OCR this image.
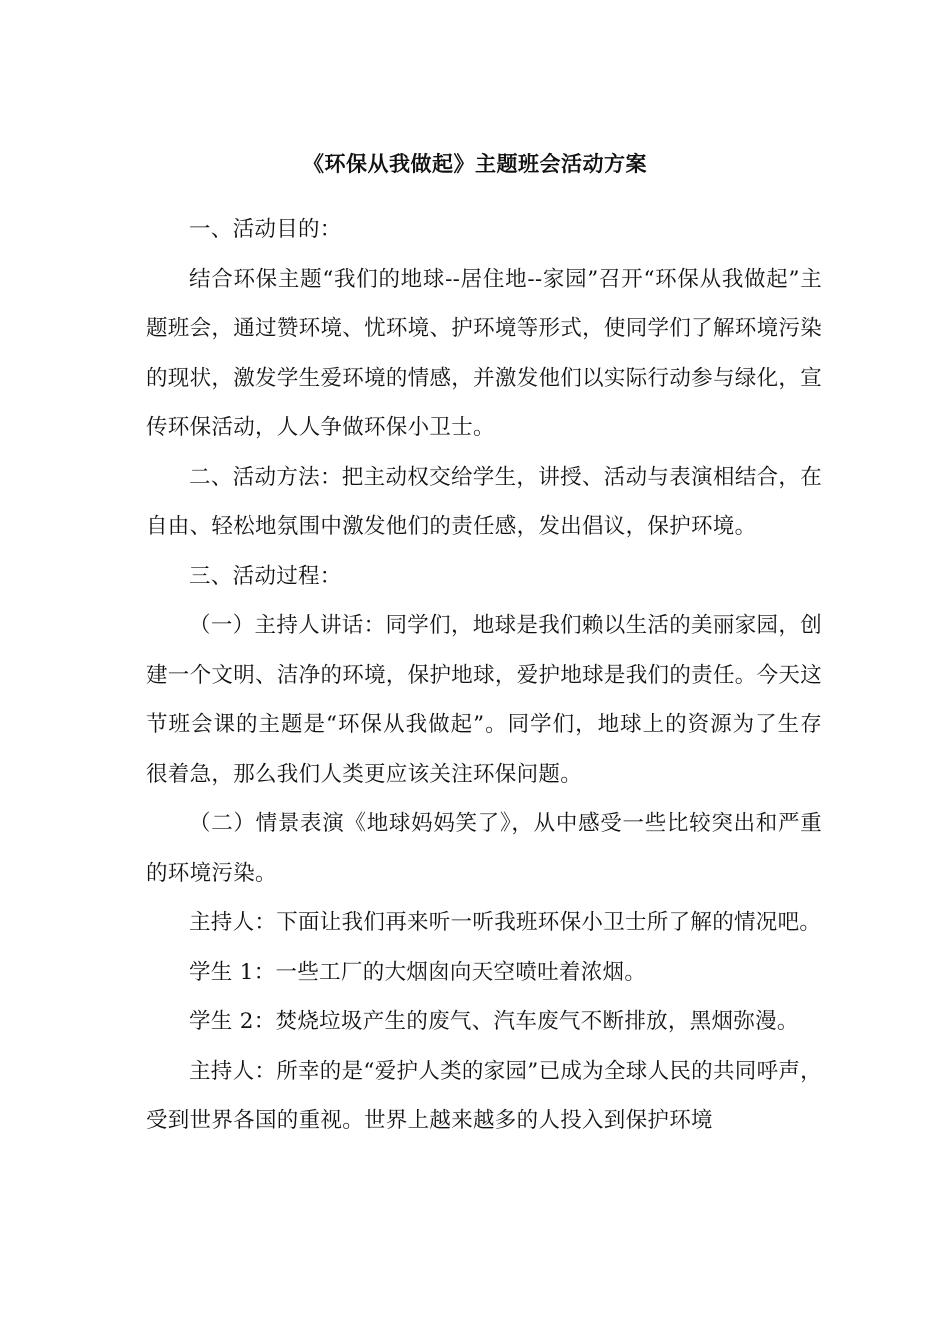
《环保从我做起》主题班会活动方案

一、活动目的：

结合环保主题“我们的地球--居住地--家园”召开“环保从我做起”主题班会，通过赞环境、忧环境、护环境等形式，使同学们了解环境污染的现状，激发学生爱环境的情感，并激发他们以实际行动参与绿化，宣传环保活动，人人争做环保小卫士。

二、活动方法：把主动权交给学生，讲授、活动与表演相结合，在自由、轻松地氛围中激发他们的责任感，发出倡议，保护环境。

三、活动过程：

（一）主持人讲话：同学们，地球是我们赖以生活的美丽家园，创建一个文明、洁净的环境，保护地球，爱护地球是我们的责任。今天这节班会课的主题是“环保从我做起”。同学们，地球上的资源为了生存很着急，那么我们人类更应该关注环保问题。

（二）情景表演《地球妈妈笑了》，从中感受一些比较突出和严重的环境污染。

主持人：下面让我们再来听一听我班环保小卫士所了解的情况吧。

学生 1：一些工厂的大烟囱向天空喷吐着浓烟。

学生 2：焚烧垃圾产生的废气、汽车废气不断排放，黑烟弥漫。

主持人：所幸的是“爱护人类的家园”已成为全球人民的共同呼声，受到世界各国的重视。世界上越来越多的人投入到保护环境
